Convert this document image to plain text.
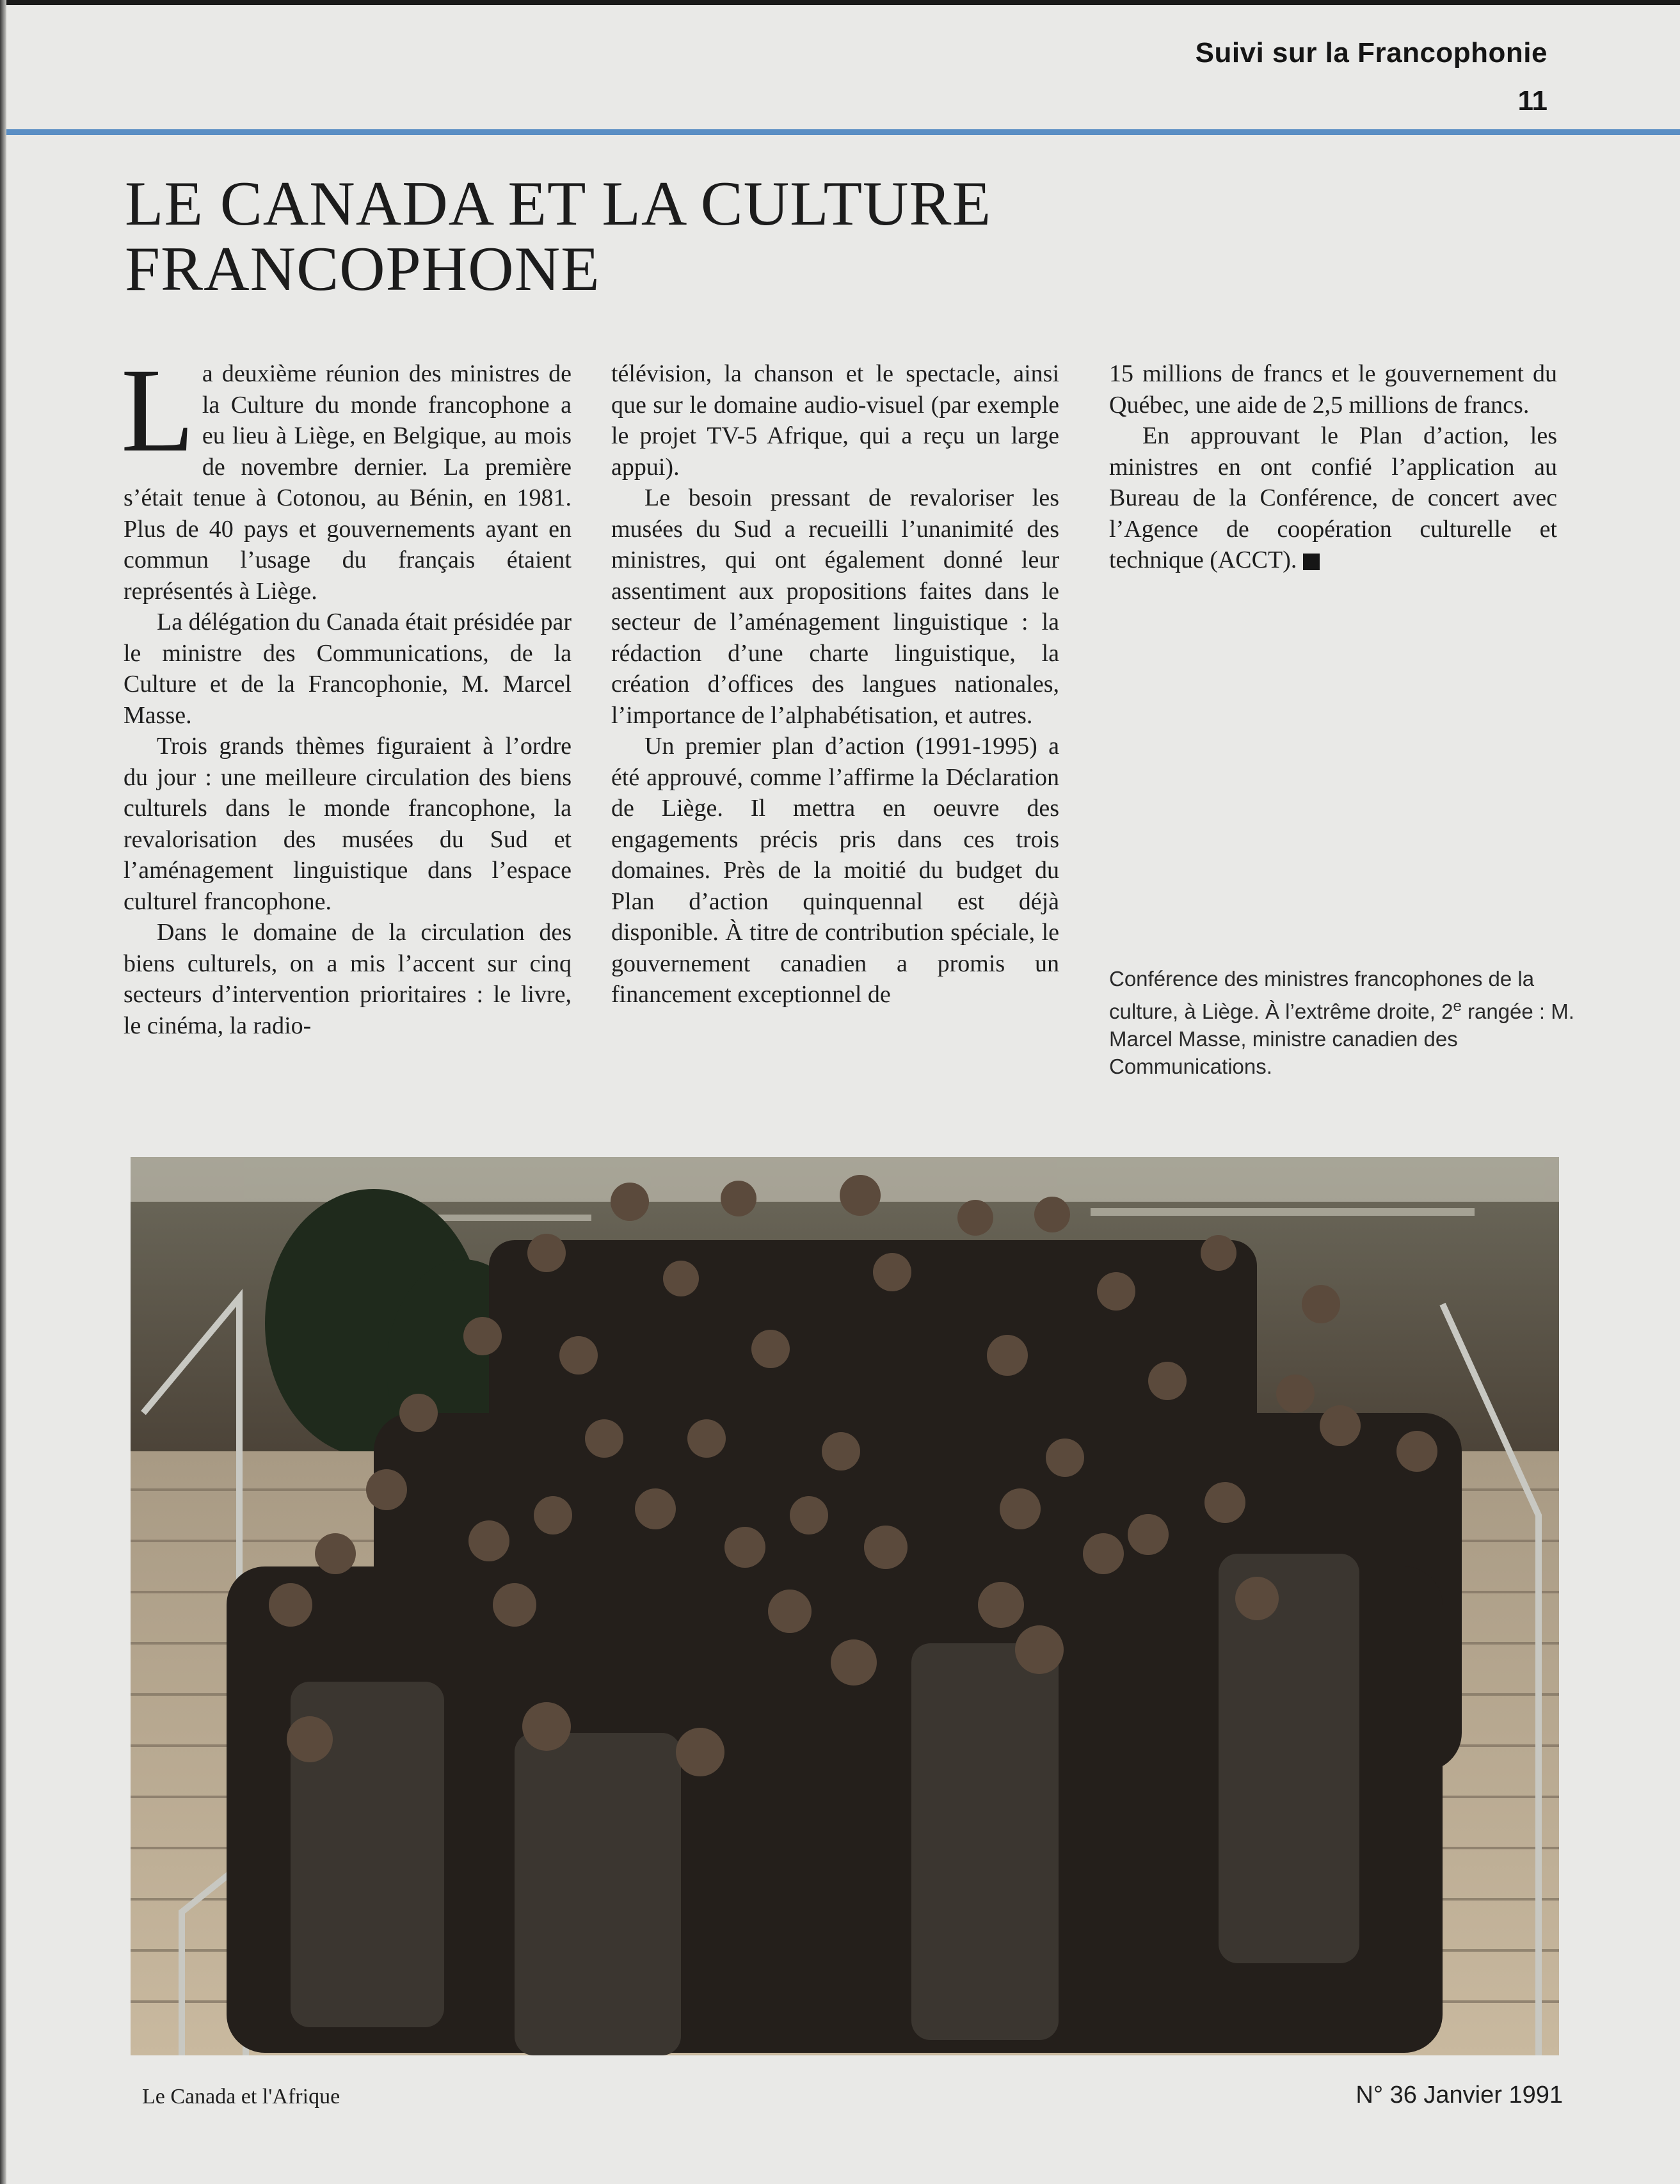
Suivi sur la Francophonie
11
LE CANADA ET LA CULTURE
FRANCOPHONE

La deuxième réunion des ministres de la Culture du monde francophone a eu lieu à Liège, en Belgique, au mois de novembre dernier. La première s’était tenue à Cotonou, au Bénin, en 1981. Plus de 40 pays et gouvernements ayant en commun l’usage du français étaient représentés à Liège.

La délégation du Canada était présidée par le ministre des Communications, de la Culture et de la Francophonie, M. Marcel Masse.

Trois grands thèmes figuraient à l’ordre du jour : une meilleure circulation des biens culturels dans le monde francophone, la revalorisation des musées du Sud et l’aménagement linguistique dans l’espace culturel francophone.

Dans le domaine de la circulation des biens culturels, on a mis l’accent sur cinq secteurs d’intervention prioritaires : le livre, le cinéma, la radio-

télévision, la chanson et le spectacle, ainsi que sur le domaine audio-visuel (par exemple le projet TV-5 Afrique, qui a reçu un large appui).

Le besoin pressant de revaloriser les musées du Sud a recueilli l’unanimité des ministres, qui ont également donné leur assentiment aux propositions faites dans le secteur de l’aménagement linguistique : la rédaction d’une charte linguistique, la création d’offices des langues nationales, l’importance de l’alphabétisation, et autres.

Un premier plan d’action (1991-1995) a été approuvé, comme l’affirme la Déclaration de Liège. Il mettra en oeuvre des engagements précis pris dans ces trois domaines. Près de la moitié du budget du Plan d’action quinquennal est déjà disponible. À titre de contribution spéciale, le gouvernement canadien a promis un financement exceptionnel de

15 millions de francs et le gouvernement du Québec, une aide de 2,5 millions de francs.

En approuvant le Plan d’action, les ministres en ont confié l’application au Bureau de la Conférence, de concert avec l’Agence de coopération culturelle et technique (ACCT).

Conférence des ministres francophones de la culture, à Liège. À l’extrême droite, 2e rangée : M. Marcel Masse, ministre canadien des Communications.

Le Canada et l'Afrique	N° 36 Janvier 1991
